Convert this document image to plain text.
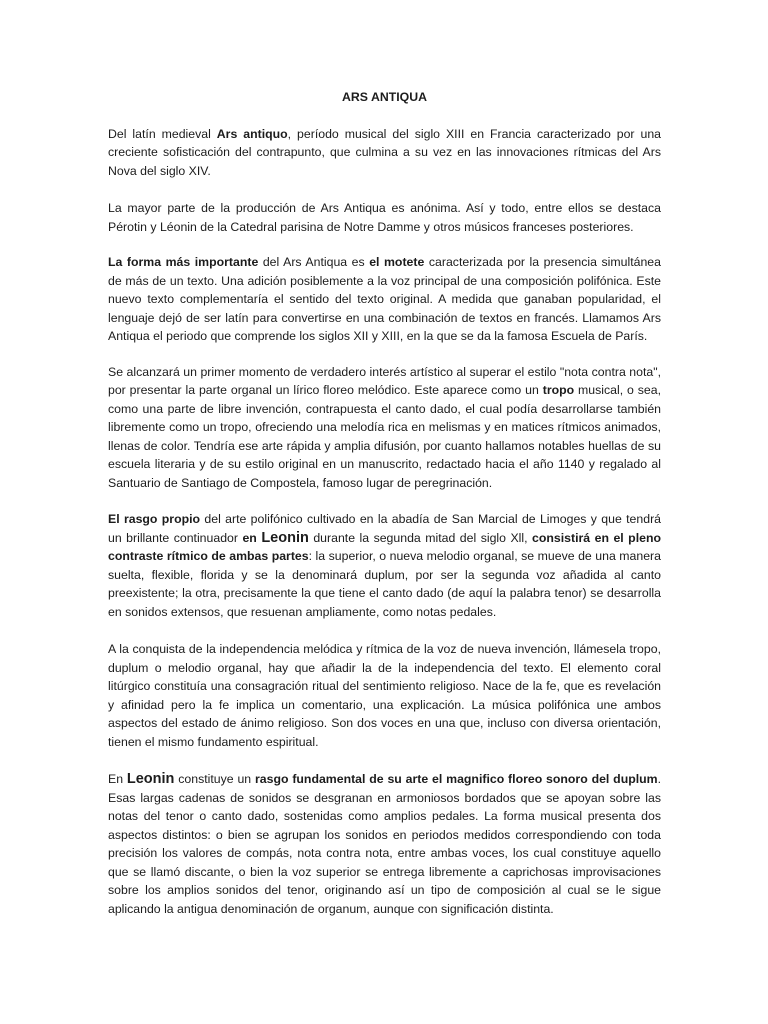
ARS ANTIQUA

Del latín medieval Ars antiquo, período musical del siglo XIII en Francia caracterizado por una creciente sofisticación del contrapunto, que culmina a su vez en las innovaciones rítmicas del Ars Nova del siglo XIV.

La mayor parte de la producción de Ars Antiqua es anónima. Así y todo, entre ellos se destaca Pérotin y Léonin de la Catedral parisina de Notre Damme y otros músicos franceses posteriores.

La forma más importante del Ars Antiqua es el motete caracterizada por la presencia simultánea de más de un texto. Una adición posiblemente a la voz principal de una composición polifónica. Este nuevo texto complementaría el sentido del texto original. A medida que ganaban popularidad, el lenguaje dejó de ser latín para convertirse en una combinación de textos en francés. Llamamos Ars Antiqua el periodo que comprende los siglos XII y XIII, en la que se da la famosa Escuela de París.

Se alcanzará un primer momento de verdadero interés artístico al superar el estilo "nota contra nota", por presentar la parte organal un lírico floreo melódico. Este aparece como un tropo musical, o sea, como una parte de libre invención, contrapuesta el canto dado, el cual podía desarrollarse también libremente como un tropo, ofreciendo una melodía rica en melismas y en matices rítmicos animados, llenas de color. Tendría ese arte rápida y amplia difusión, por cuanto hallamos notables huellas de su escuela literaria y de su estilo original en un manuscrito, redactado hacia el año 1140 y regalado al Santuario de Santiago de Compostela, famoso lugar de peregrinación.

El rasgo propio del arte polifónico cultivado en la abadía de San Marcial de Limoges y que tendrá un brillante continuador en Leonin durante la segunda mitad del siglo Xll, consistirá en el pleno contraste rítmico de ambas partes: la superior, o nueva melodio organal, se mueve de una manera suelta, flexible, florida y se la denominará duplum, por ser la segunda voz añadida al canto preexistente; la otra, precisamente la que tiene el canto dado (de aquí la palabra tenor) se desarrolla en sonidos extensos, que resuenan ampliamente, como notas pedales.

A la conquista de la independencia melódica y rítmica de la voz de nueva invención, llámesela tropo, duplum o melodio organal, hay que añadir la de la independencia del texto. El elemento coral litúrgico constituía una consagración ritual del sentimiento religioso. Nace de la fe, que es revelación y afinidad pero la fe implica un comentario, una explicación. La música polifónica une ambos aspectos del estado de ánimo religioso. Son dos voces en una que, incluso con diversa orientación, tienen el mismo fundamento espiritual.

En Leonin constituye un rasgo fundamental de su arte el magnifico floreo sonoro del duplum. Esas largas cadenas de sonidos se desgranan en armoniosos bordados que se apoyan sobre las notas del tenor o canto dado, sostenidas como amplios pedales. La forma musical presenta dos aspectos distintos: o bien se agrupan los sonidos en periodos medidos correspondiendo con toda precisión los valores de compás, nota contra nota, entre ambas voces, los cual constituye aquello que se llamó discante, o bien la voz superior se entrega libremente a caprichosas improvisaciones sobre los amplios sonidos del tenor, originando así un tipo de composición al cual se le sigue aplicando la antigua denominación de organum, aunque con significación distinta.
